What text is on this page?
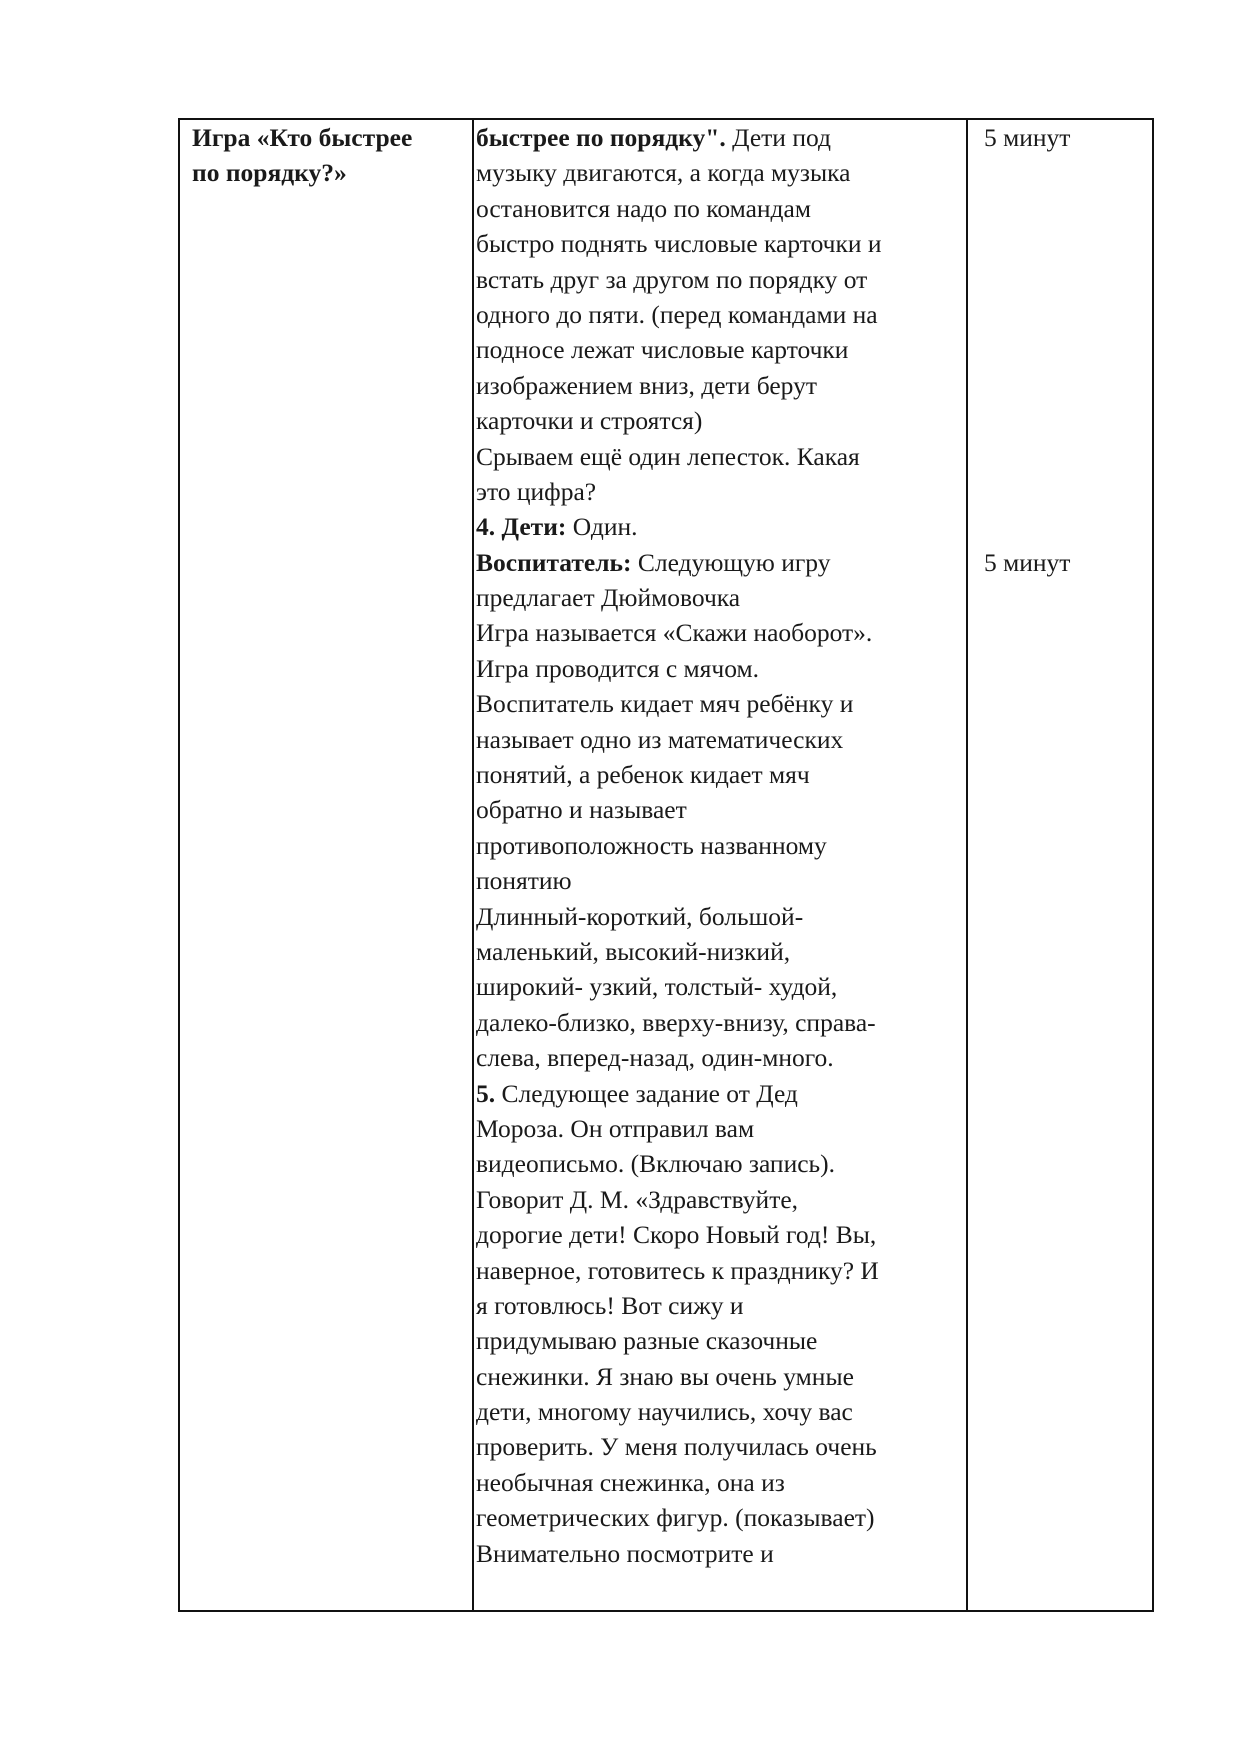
Игра «Кто быстрее
по порядку?»
быстрее по порядку". Дети под
музыку двигаются, а когда музыка
остановится надо по командам
быстро поднять числовые карточки и
встать друг за другом по порядку от
одного до пяти. (перед командами на
подносе лежат числовые карточки
изображением вниз, дети берут
карточки и строятся)
Срываем ещё один лепесток. Какая
это цифра?
4. Дети: Один.
Воспитатель: Следующую игру
предлагает Дюймовочка
Игра называется «Скажи наоборот».
Игра проводится с мячом.
Воспитатель кидает мяч ребёнку и
называет одно из математических
понятий, а ребенок кидает мяч
обратно и называет
противоположность названному
понятию
Длинный-короткий, большой-
маленький, высокий-низкий,
широкий- узкий, толстый- худой,
далеко-близко, вверху-внизу, справа-
слева, вперед-назад, один-много.
5. Следующее задание от Дед
Мороза. Он отправил вам
видеописьмо. (Включаю запись).
Говорит Д. М. «Здравствуйте,
дорогие дети! Скоро Новый год! Вы,
наверное, готовитесь к празднику? И
я готовлюсь! Вот сижу и
придумываю разные сказочные
снежинки. Я знаю вы очень умные
дети, многому научились, хочу вас
проверить. У меня получилась очень
необычная снежинка, она из
геометрических фигур. (показывает)
Внимательно посмотрите и
5 минут
5 минут
